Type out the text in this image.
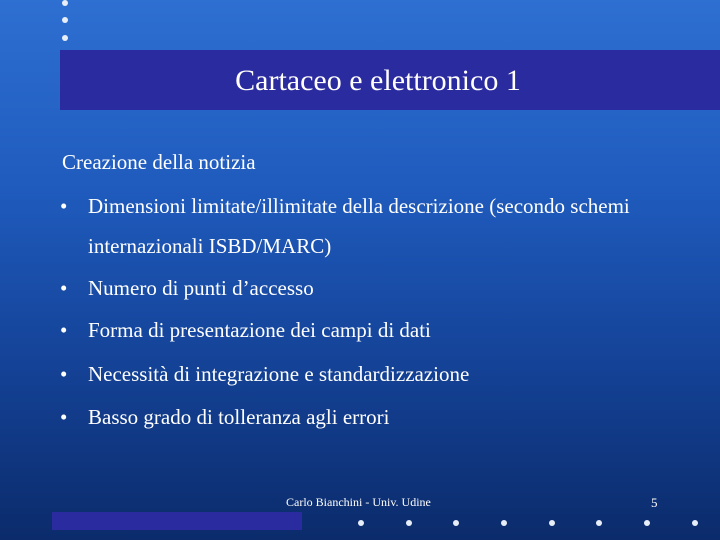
Cartaceo e elettronico 1
Creazione della notizia
• Dimensioni limitate/illimitate della descrizione (secondo schemi internazionali ISBD/MARC)
• Numero di punti d’accesso
• Forma di presentazione dei campi di dati
• Necessità di integrazione e standardizzazione
• Basso grado di tolleranza agli errori
Carlo Bianchini - Univ. Udine	5
